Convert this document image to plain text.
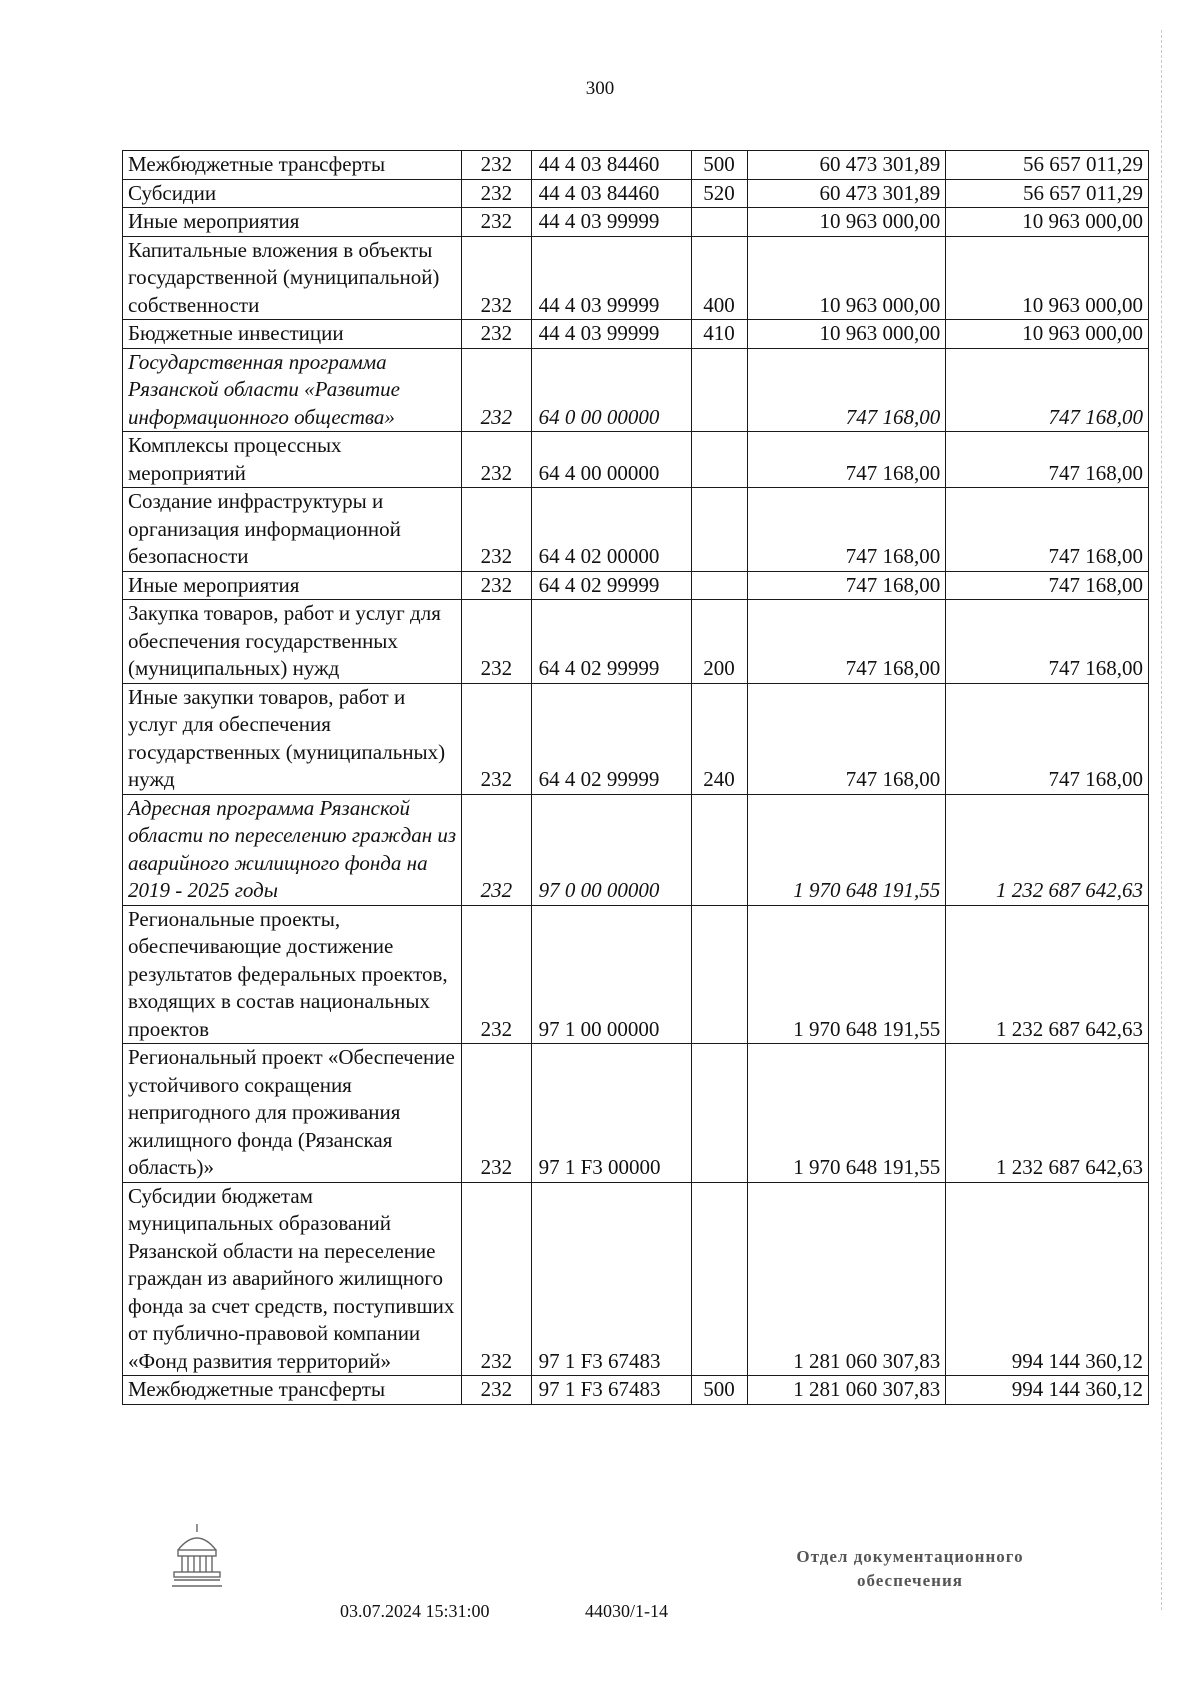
300
Межбюджетные трансферты	232	44 4 03 84460	500	60 473 301,89	56 657 011,29
Субсидии	232	44 4 03 84460	520	60 473 301,89	56 657 011,29
Иные мероприятия	232	44 4 03 99999		10 963 000,00	10 963 000,00
Капитальные вложения в объекты государственной (муниципальной) собственности	232	44 4 03 99999	400	10 963 000,00	10 963 000,00
Бюджетные инвестиции	232	44 4 03 99999	410	10 963 000,00	10 963 000,00
Государственная программа Рязанской области «Развитие информационного общества»	232	64 0 00 00000		747 168,00	747 168,00
Комплексы процессных мероприятий	232	64 4 00 00000		747 168,00	747 168,00
Создание инфраструктуры и организация информационной безопасности	232	64 4 02 00000		747 168,00	747 168,00
Иные мероприятия	232	64 4 02 99999		747 168,00	747 168,00
Закупка товаров, работ и услуг для обеспечения государственных (муниципальных) нужд	232	64 4 02 99999	200	747 168,00	747 168,00
Иные закупки товаров, работ и услуг для обеспечения государственных (муниципальных) нужд	232	64 4 02 99999	240	747 168,00	747 168,00
Адресная программа Рязанской области по переселению граждан из аварийного жилищного фонда на 2019 - 2025 годы	232	97 0 00 00000		1 970 648 191,55	1 232 687 642,63
Региональные проекты, обеспечивающие достижение результатов федеральных проектов, входящих в состав национальных проектов	232	97 1 00 00000		1 970 648 191,55	1 232 687 642,63
Региональный проект «Обеспечение устойчивого сокращения непригодного для проживания жилищного фонда (Рязанская область)»	232	97 1 F3 00000		1 970 648 191,55	1 232 687 642,63
Субсидии бюджетам муниципальных образований Рязанской области на переселение граждан из аварийного жилищного фонда за счет средств, поступивших от публично-правовой компании «Фонд развития территорий»	232	97 1 F3 67483		1 281 060 307,83	994 144 360,12
Межбюджетные трансферты	232	97 1 F3 67483	500	1 281 060 307,83	994 144 360,12
03.07.2024 15:31:00	44030/1-14
Отдел документационного
обеспечения
